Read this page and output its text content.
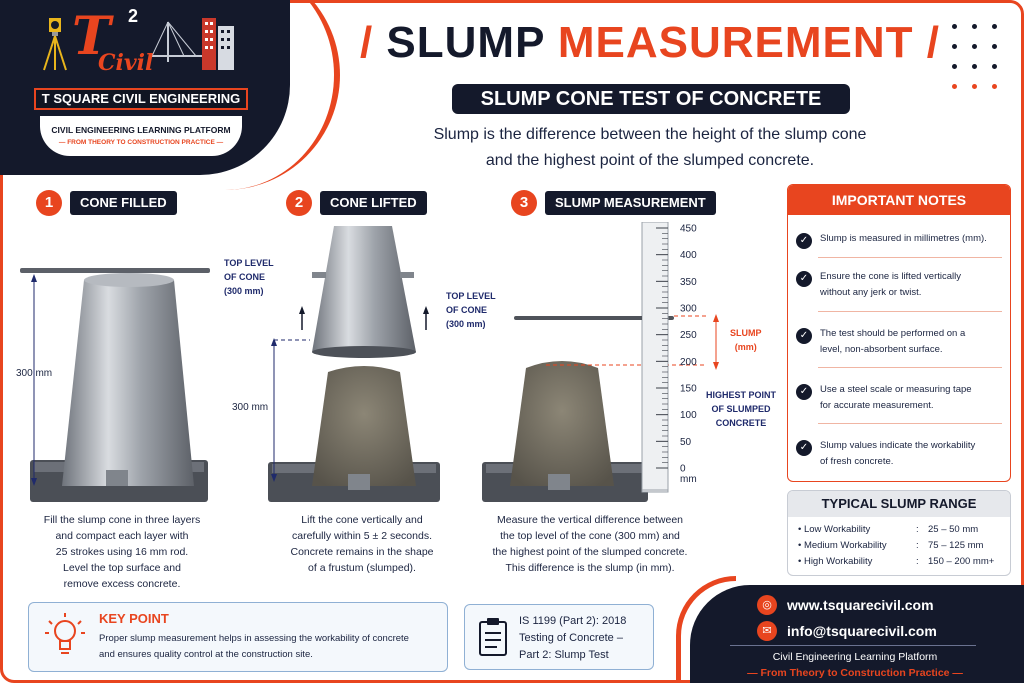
T 2
Civil
T SQUARE CIVIL ENGINEERING
CIVIL ENGINEERING LEARNING PLATFORM
— FROM THEORY TO CONSTRUCTION PRACTICE —
/ SLUMP MEASUREMENT /
SLUMP CONE TEST OF CONCRETE
Slump is the difference between the height of the slump cone
and the highest point of the slumped concrete.
1	CONE FILLED
300 mm
Fill the slump cone in three layers
and compact each layer with
25 strokes using 16 mm rod.
Level the top surface and
remove excess concrete.
2	CONE LIFTED
TOP LEVEL
OF CONE
(300 mm)	TOP LEVEL
OF CONE
(300 mm)
300 mm
Lift the cone vertically and
carefully within 5 ± 2 seconds.
Concrete remains in the shape
of a frustum (slumped).
3	SLUMP MEASUREMENT
450
400
350
300
250
200
150
100
50
0
mm
SLUMP
(mm)
HIGHEST POINT
OF SLUMPED
CONCRETE
Measure the vertical difference between
the top level of the cone (300 mm) and
the highest point of the slumped concrete.
This difference is the slump (in mm).
IMPORTANT NOTES
✓	Slump is measured in millimetres (mm).
✓	Ensure the cone is lifted vertically
without any jerk or twist.
✓	The test should be performed on a
level, non-absorbent surface.
✓	Use a steel scale or measuring tape
for accurate measurement.
✓	Slump values indicate the workability
of fresh concrete.
TYPICAL SLUMP RANGE
• Low Workability	: 25 – 50 mm
• Medium Workability	: 75 – 125 mm
• High Workability	: 150 – 200 mm+
KEY POINT
Proper slump measurement helps in assessing the workability of concrete
and ensures quality control at the construction site.
IS 1199 (Part 2): 2018
Testing of Concrete –
Part 2: Slump Test
◎	www.tsquarecivil.com
✉	info@tsquarecivil.com
Civil Engineering Learning Platform
— From Theory to Construction Practice —
